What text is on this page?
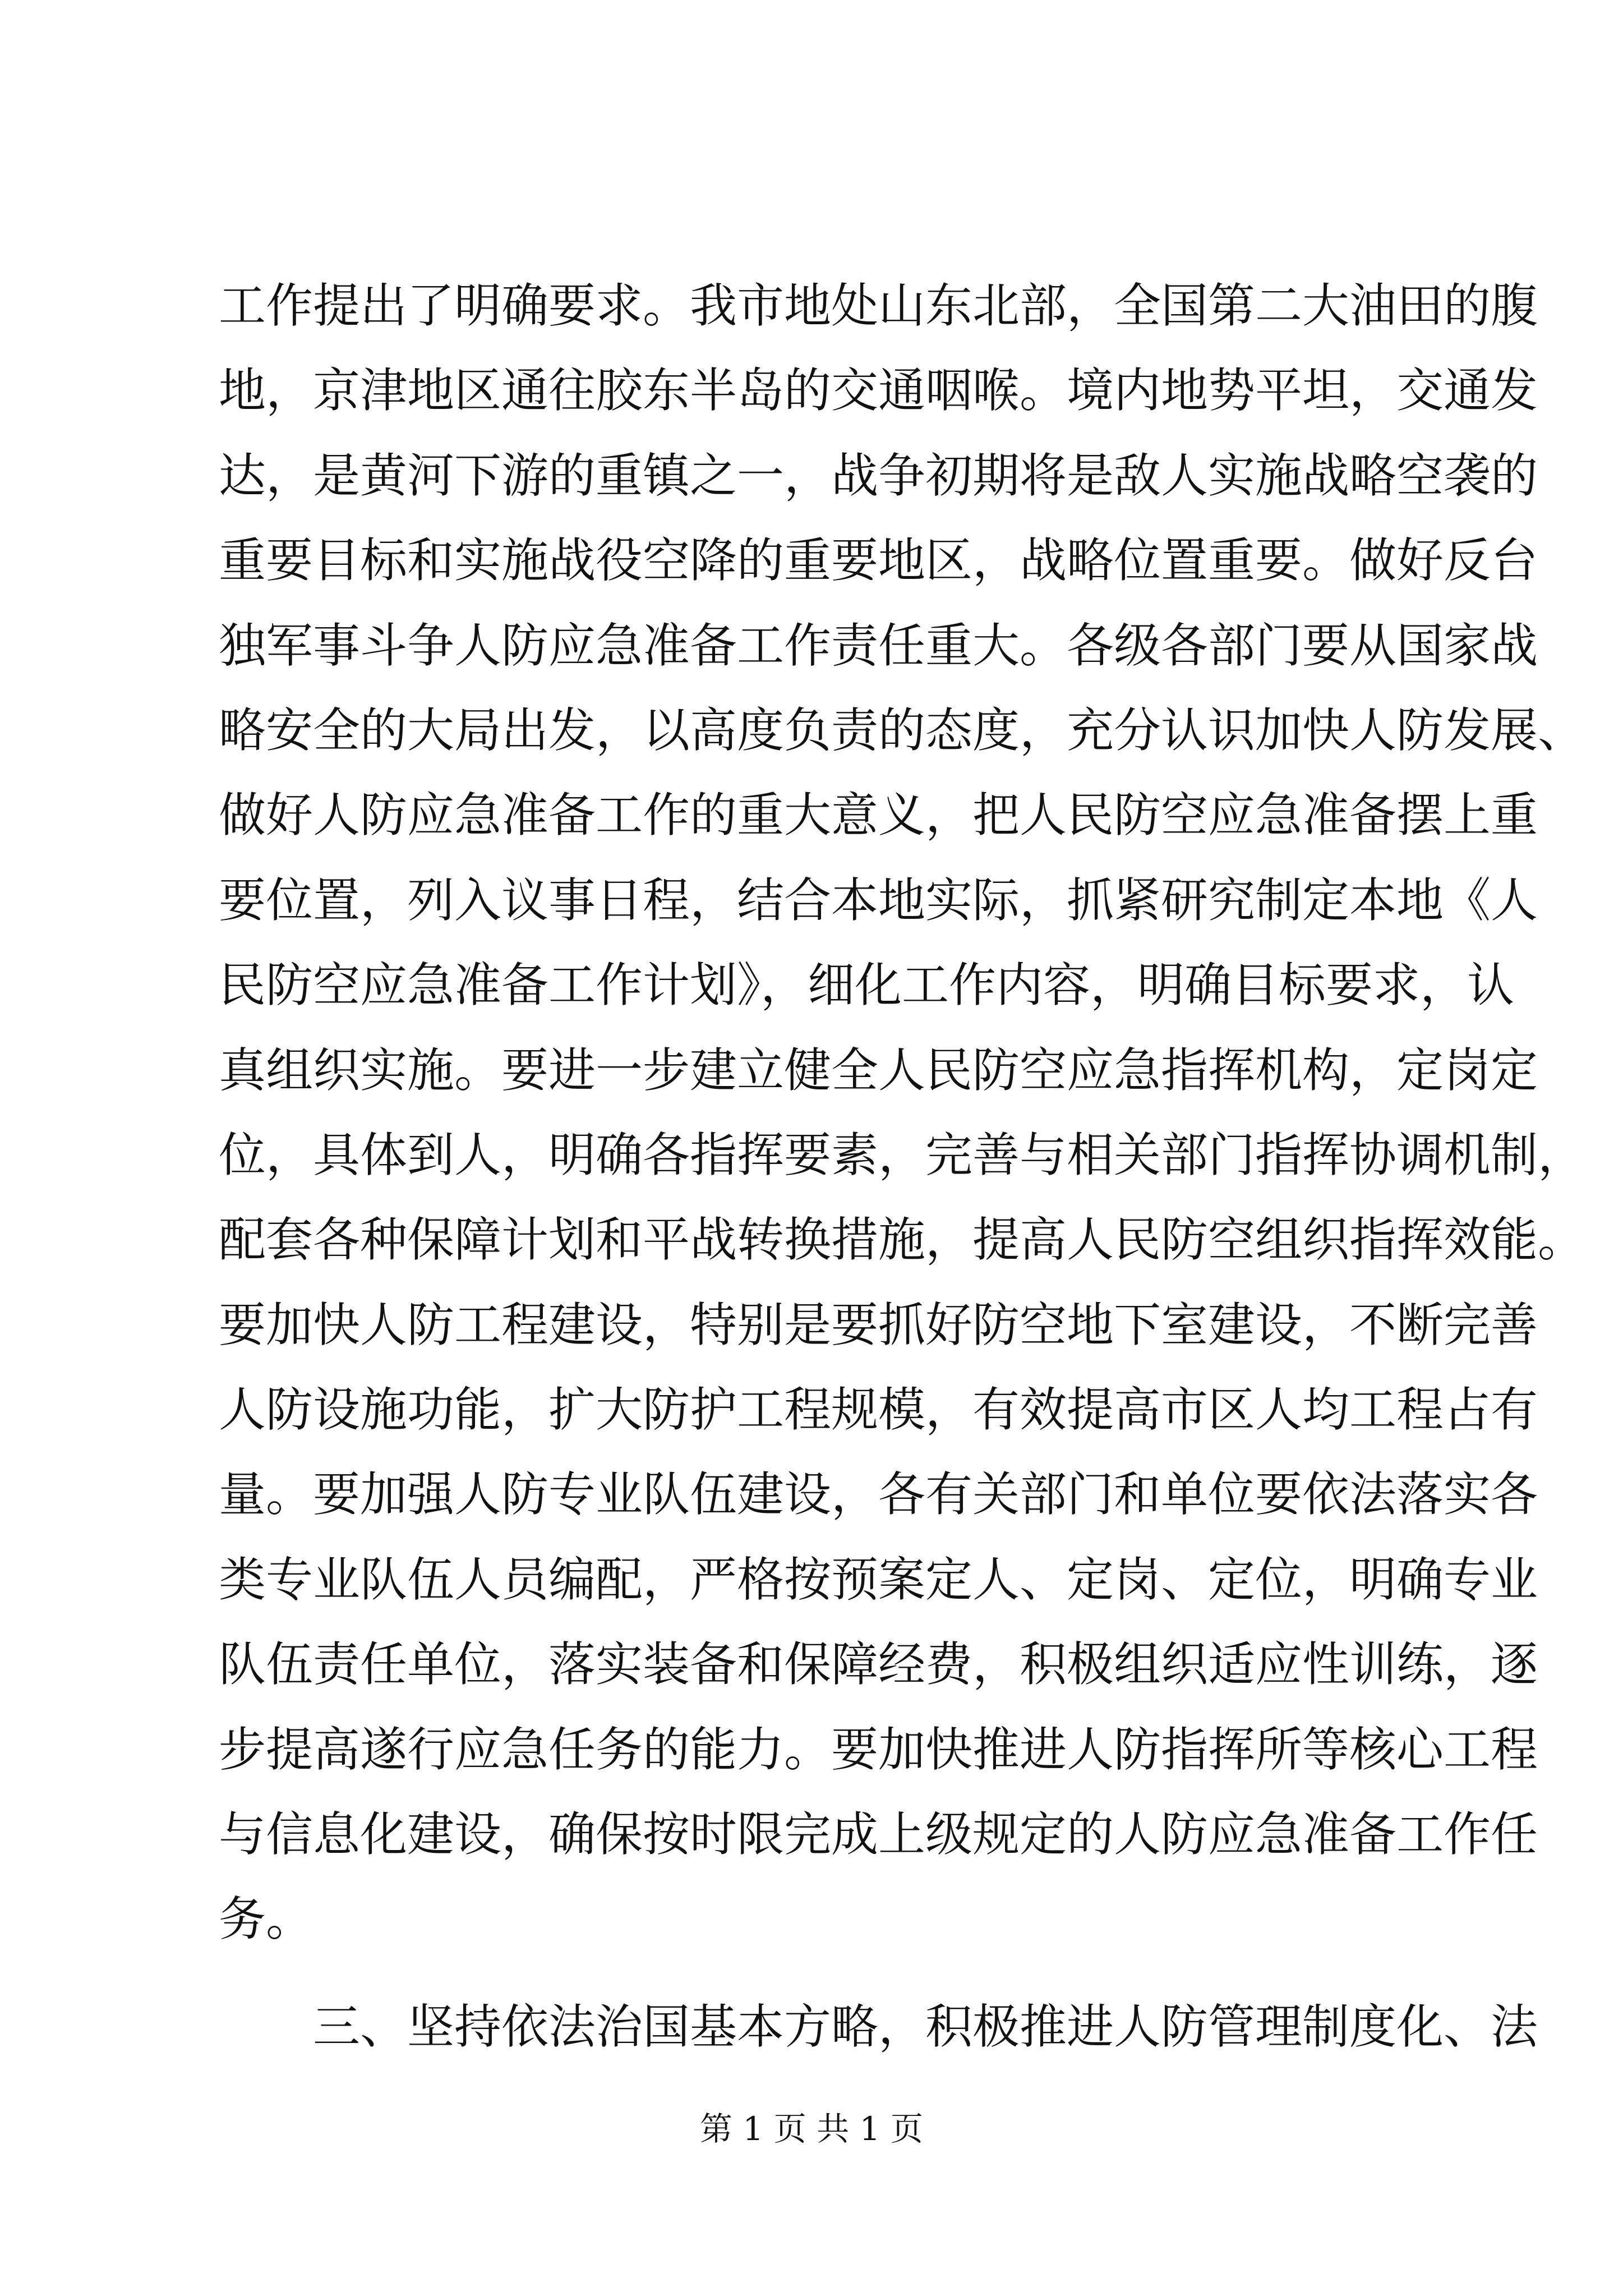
工作提出了明确要求。我市地处山东北部，全国第二大油田的腹
地，京津地区通往胶东半岛的交通咽喉。境内地势平坦，交通发
达，是黄河下游的重镇之一，战争初期将是敌人实施战略空袭的
重要目标和实施战役空降的重要地区，战略位置重要。做好反台
独军事斗争人防应急准备工作责任重大。各级各部门要从国家战
略安全的大局出发，以高度负责的态度，充分认识加快人防发展、
做好人防应急准备工作的重大意义，把人民防空应急准备摆上重
要位置，列入议事日程，结合本地实际，抓紧研究制定本地《人
民防空应急准备工作计划》，细化工作内容，明确目标要求，认
真组织实施。要进一步建立健全人民防空应急指挥机构，定岗定
位，具体到人，明确各指挥要素，完善与相关部门指挥协调机制，
配套各种保障计划和平战转换措施，提高人民防空组织指挥效能。
要加快人防工程建设，特别是要抓好防空地下室建设，不断完善
人防设施功能，扩大防护工程规模，有效提高市区人均工程占有
量。要加强人防专业队伍建设，各有关部门和单位要依法落实各
类专业队伍人员编配，严格按预案定人、定岗、定位，明确专业
队伍责任单位，落实装备和保障经费，积极组织适应性训练，逐
步提高遂行应急任务的能力。要加快推进人防指挥所等核心工程
与信息化建设，确保按时限完成上级规定的人防应急准备工作任
务。
三、坚持依法治国基本方略，积极推进人防管理制度化、法
第 1 页 共 1 页
